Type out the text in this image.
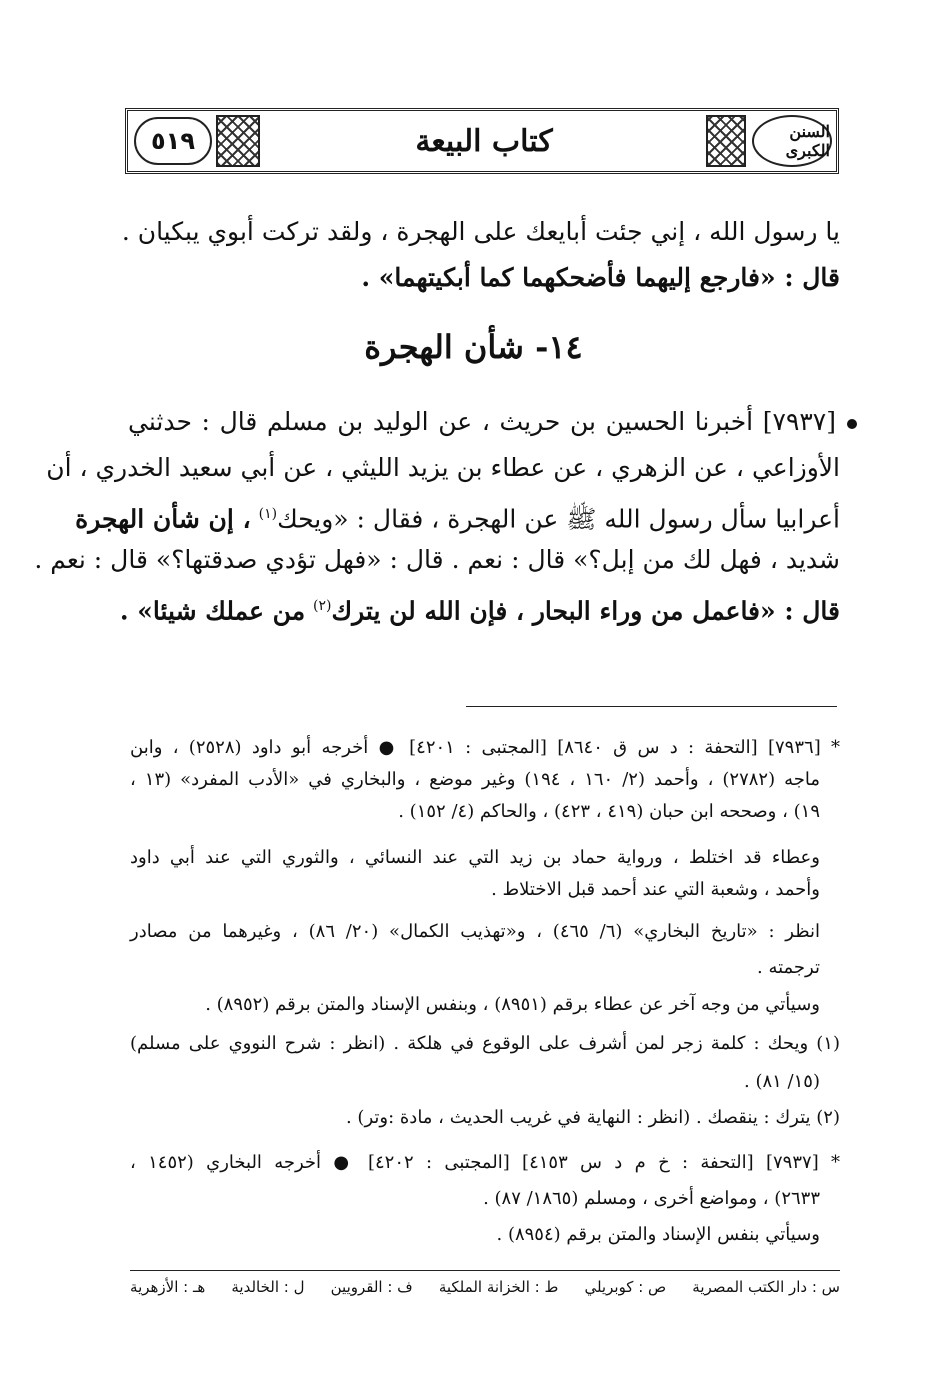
٥١٩	كتاب البيعة	السنن الكبرى
يا رسول الله ، إني جئت أبايعك على الهجرة ، ولقد تركت أبوي يبكيان .
قال : «فارجع إليهما فأضحكهما كما أبكيتهما» .
١٤- شأن الهجرة
[٧٩٣٧] أخبرنا الحسين بن حريث ، عن الوليد بن مسلم قال : حدثني
الأوزاعي ، عن الزهري ، عن عطاء بن يزيد الليثي ، عن أبي سعيد الخدري ، أن
أعرابيا سأل رسول الله ﷺ عن الهجرة ، فقال : «ويحك$^{(١)}$ ، إن شأن الهجرة
شديد ، فهل لك من إبل؟» قال : نعم . قال : «فهل تؤدي صدقتها؟» قال : نعم .
قال : «فاعمل من وراء البحار ، فإن الله لن يترك$^{(٢)}$ من عملك شيئا» .
* [٧٩٣٦] [التحفة : د س ق ٨٦٤٠] [المجتبى : ٤٢٠١] ● أخرجه أبو داود (٢٥٢٨) ، وابن
ماجه (٢٧٨٢) ، وأحمد (٢/ ١٦٠ ، ١٩٤) وغير موضع ، والبخاري في «الأدب المفرد» (١٣ ،
١٩) ، وصححه ابن حبان (٤١٩ ، ٤٢٣) ، والحاكم (٤/ ١٥٢) .
وعطاء قد اختلط ، ورواية حماد بن زيد التي عند النسائي ، والثوري التي عند أبي داود
وأحمد ، وشعبة التي عند أحمد قبل الاختلاط .
انظر : «تاريخ البخاري» (٦/ ٤٦٥) ، و«تهذيب الكمال» (٢٠/ ٨٦) ، وغيرهما من مصادر
ترجمته .
وسيأتي من وجه آخر عن عطاء برقم (٨٩٥١) ، وبنفس الإسناد والمتن برقم (٨٩٥٢) .
(١) ويحك : كلمة زجر لمن أشرف على الوقوع في هلكة . (انظر : شرح النووي على مسلم)
(١٥/ ٨١) .
(٢) يترك : ينقصك . (انظر : النهاية في غريب الحديث ، مادة :وتر) .
* [٧٩٣٧] [التحفة : خ م د س ٤١٥٣] [المجتبى : ٤٢٠٢] ● أخرجه البخاري (١٤٥٢ ،
٢٦٣٣) ، ومواضع أخرى ، ومسلم (١٨٦٥/ ٨٧) .
وسيأتي بنفس الإسناد والمتن برقم (٨٩٥٤) .
س : دار الكتب المصرية
ص : كوبريلي
ط : الخزانة الملكية
ف : القرويين
ل : الخالدية
هـ : الأزهرية
